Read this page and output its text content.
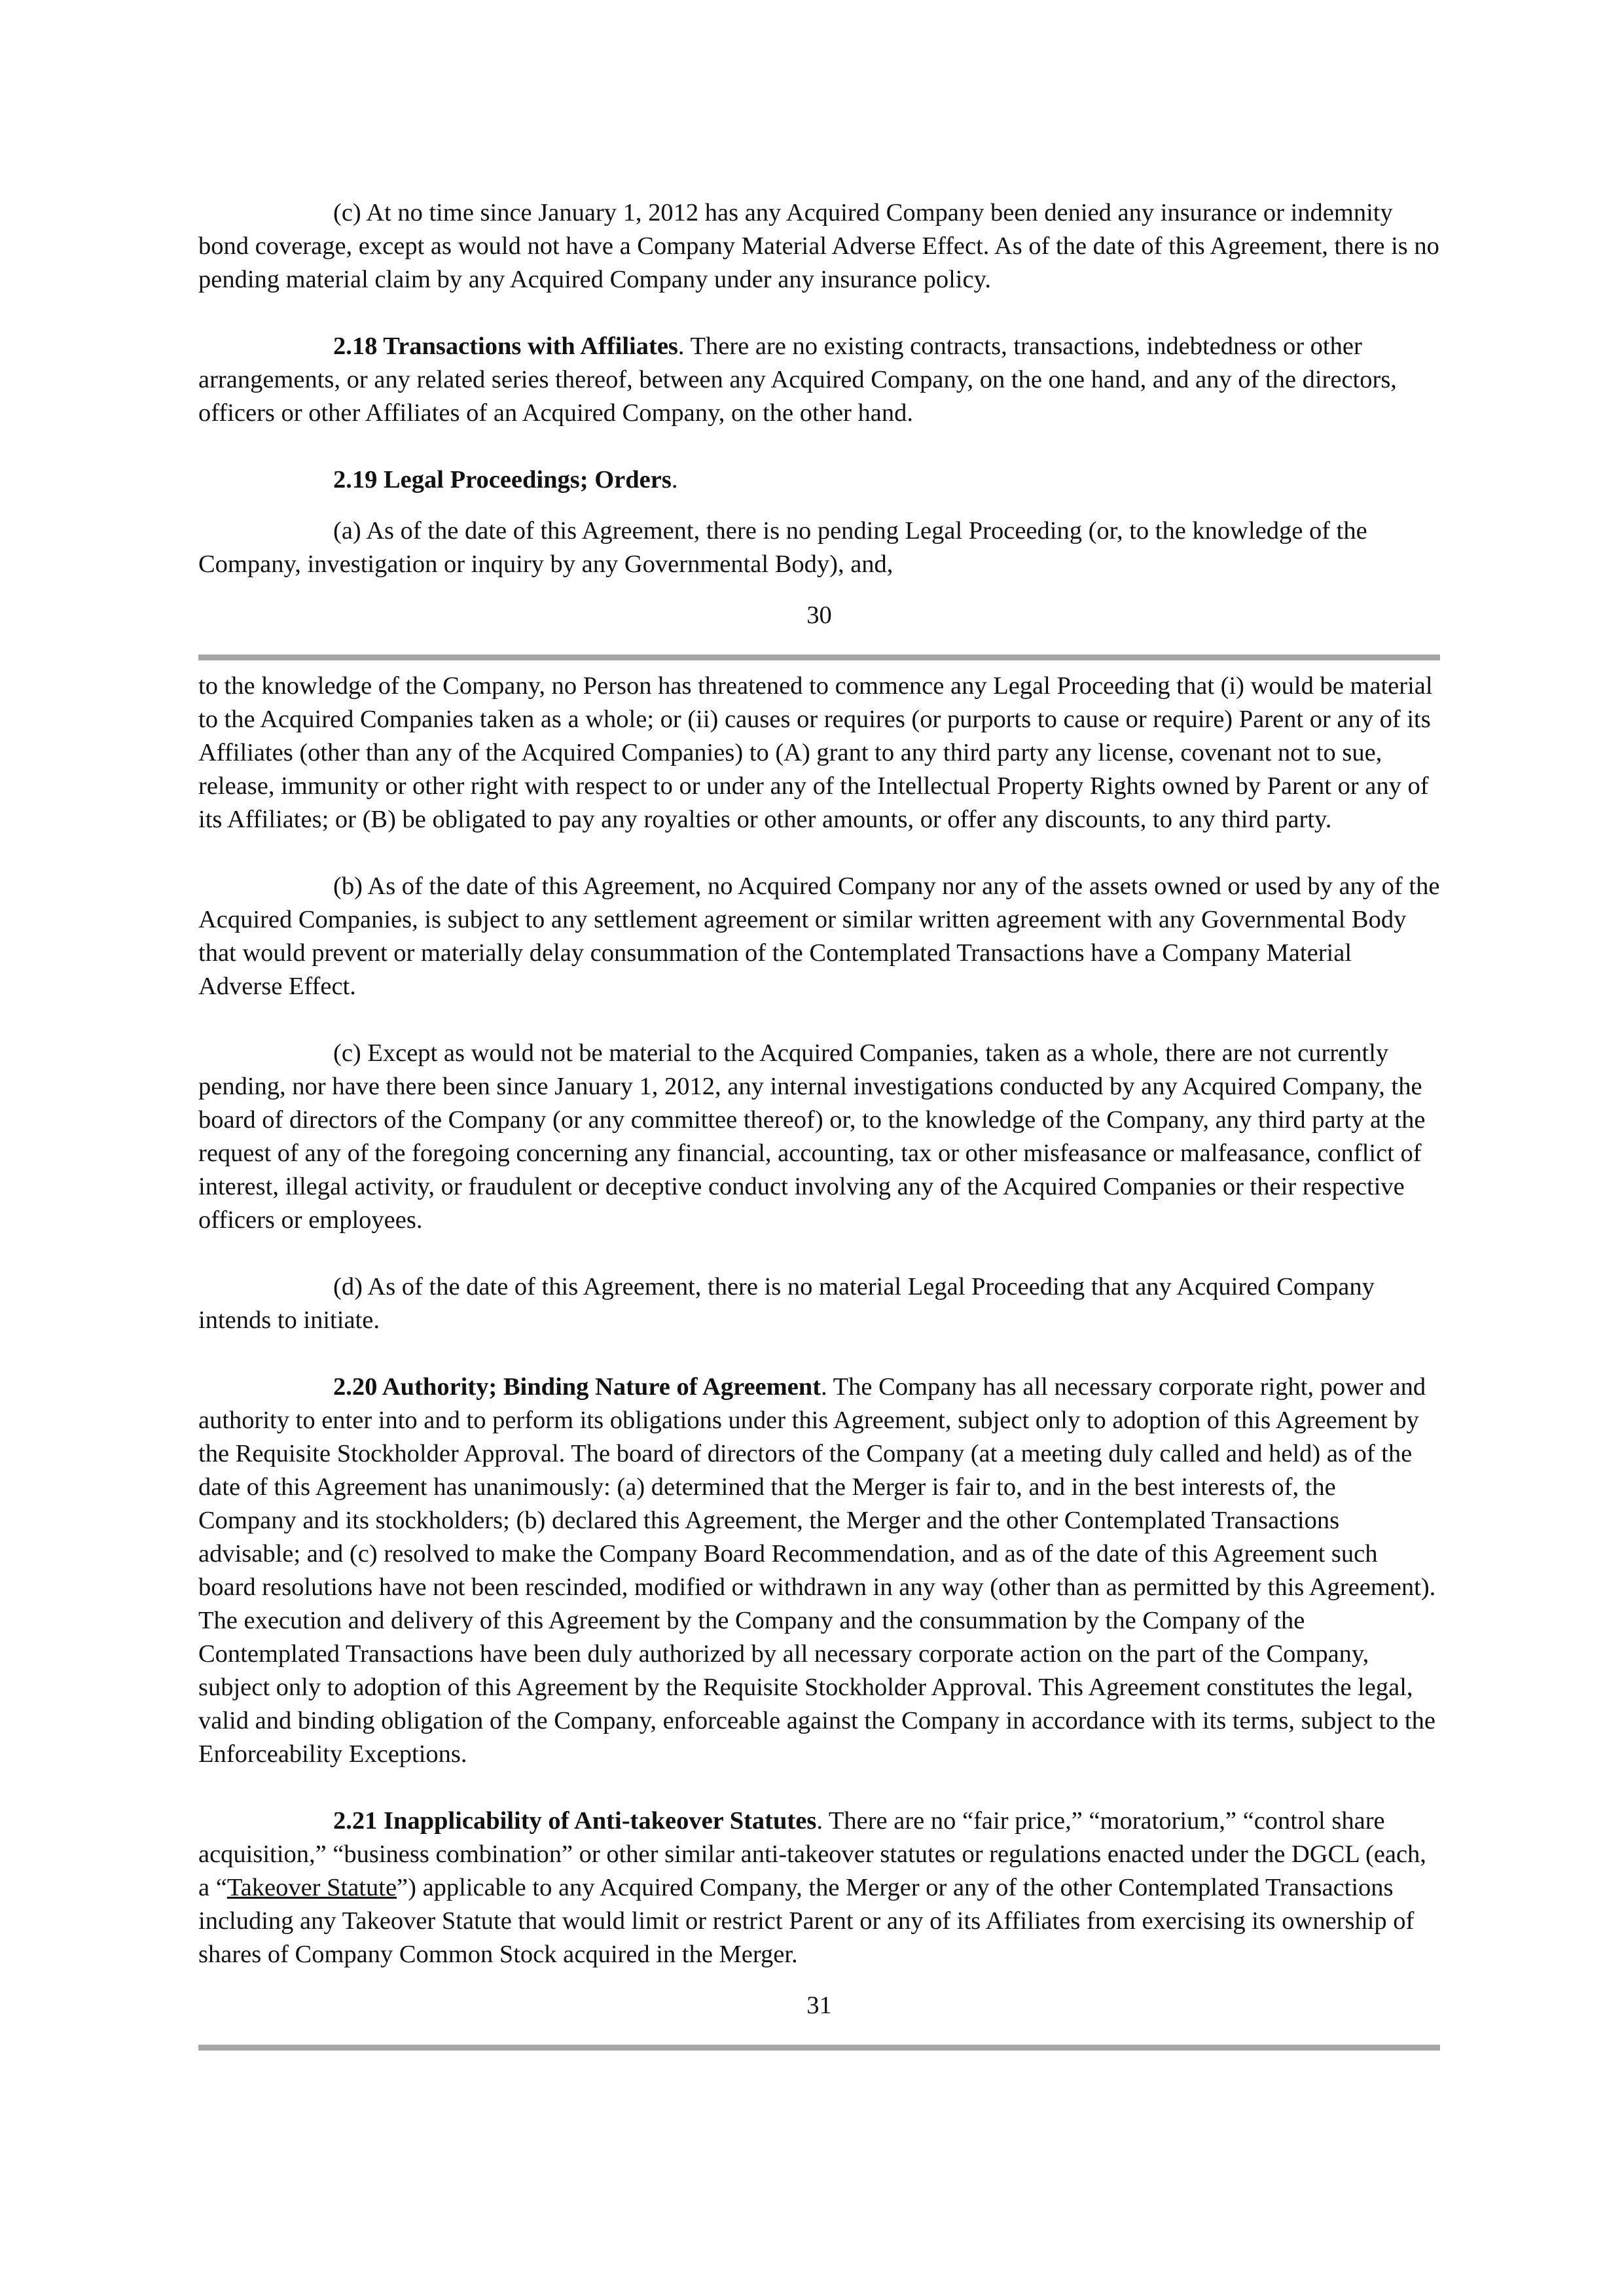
(c) At no time since January 1, 2012 has any Acquired Company been denied any insurance or indemnity bond coverage, except as would not have a Company Material Adverse Effect. As of the date of this Agreement, there is no pending material claim by any Acquired Company under any insurance policy.

2.18 Transactions with Affiliates. There are no existing contracts, transactions, indebtedness or other arrangements, or any related series thereof, between any Acquired Company, on the one hand, and any of the directors, officers or other Affiliates of an Acquired Company, on the other hand.

2.19 Legal Proceedings; Orders.

(a) As of the date of this Agreement, there is no pending Legal Proceeding (or, to the knowledge of the Company, investigation or inquiry by any Governmental Body), and,

30

to the knowledge of the Company, no Person has threatened to commence any Legal Proceeding that (i) would be material to the Acquired Companies taken as a whole; or (ii) causes or requires (or purports to cause or require) Parent or any of its Affiliates (other than any of the Acquired Companies) to (A) grant to any third party any license, covenant not to sue, release, immunity or other right with respect to or under any of the Intellectual Property Rights owned by Parent or any of its Affiliates; or (B) be obligated to pay any royalties or other amounts, or offer any discounts, to any third party.

(b) As of the date of this Agreement, no Acquired Company nor any of the assets owned or used by any of the Acquired Companies, is subject to any settlement agreement or similar written agreement with any Governmental Body that would prevent or materially delay consummation of the Contemplated Transactions have a Company Material Adverse Effect.

(c) Except as would not be material to the Acquired Companies, taken as a whole, there are not currently pending, nor have there been since January 1, 2012, any internal investigations conducted by any Acquired Company, the board of directors of the Company (or any committee thereof) or, to the knowledge of the Company, any third party at the request of any of the foregoing concerning any financial, accounting, tax or other misfeasance or malfeasance, conflict of interest, illegal activity, or fraudulent or deceptive conduct involving any of the Acquired Companies or their respective officers or employees.

(d) As of the date of this Agreement, there is no material Legal Proceeding that any Acquired Company intends to initiate.

2.20 Authority; Binding Nature of Agreement. The Company has all necessary corporate right, power and authority to enter into and to perform its obligations under this Agreement, subject only to adoption of this Agreement by the Requisite Stockholder Approval. The board of directors of the Company (at a meeting duly called and held) as of the date of this Agreement has unanimously: (a) determined that the Merger is fair to, and in the best interests of, the Company and its stockholders; (b) declared this Agreement, the Merger and the other Contemplated Transactions advisable; and (c) resolved to make the Company Board Recommendation, and as of the date of this Agreement such board resolutions have not been rescinded, modified or withdrawn in any way (other than as permitted by this Agreement). The execution and delivery of this Agreement by the Company and the consummation by the Company of the Contemplated Transactions have been duly authorized by all necessary corporate action on the part of the Company, subject only to adoption of this Agreement by the Requisite Stockholder Approval. This Agreement constitutes the legal, valid and binding obligation of the Company, enforceable against the Company in accordance with its terms, subject to the Enforceability Exceptions.

2.21 Inapplicability of Anti-takeover Statutes. There are no “fair price,” “moratorium,” “control share acquisition,” “business combination” or other similar anti-takeover statutes or regulations enacted under the DGCL (each, a “Takeover Statute”) applicable to any Acquired Company, the Merger or any of the other Contemplated Transactions including any Takeover Statute that would limit or restrict Parent or any of its Affiliates from exercising its ownership of shares of Company Common Stock acquired in the Merger.

31
